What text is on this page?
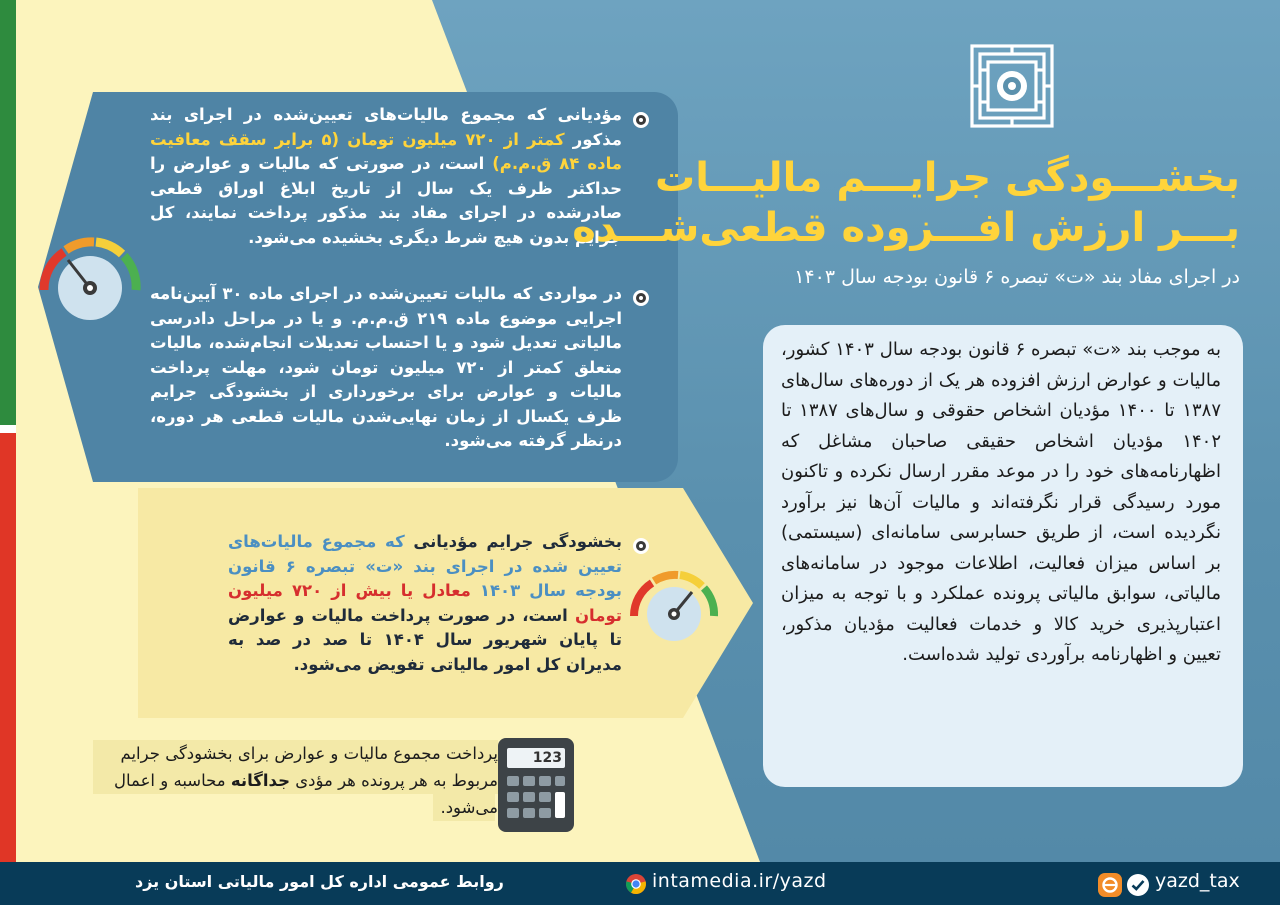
مؤدیانی که مجموع مالیات‌های تعیین‌شده در اجرای بند مذکور کمتر از ۷۲۰ میلیون تومان (۵ برابر سقف معافیت ماده ۸۴ ق.م.م) است، در صورتی که مالیات و عوارض را حداکثر ظرف یک سال از تاریخ ابلاغ اوراق قطعی صادرشده در اجرای مفاد بند مذکور پرداخت نمایند، کل جرایم بدون هیچ شرط دیگری بخشیده می‌شود.
در مواردی که مالیات تعیین‌شده در اجرای ماده ۳۰ آیین‌نامه اجرایی موضوع ماده ۲۱۹ ق.م.م. و یا در مراحل دادرسی مالیاتی تعدیل شود و یا احتساب تعدیلات انجام‌شده، مالیات متعلق کمتر از ۷۲۰ میلیون تومان شود، مهلت پرداخت مالیات و عوارض برای برخورداری از بخشودگی جرایم ظرف یکسال از زمان نهایی‌شدن مالیات قطعی هر دوره، درنظر گرفته می‌شود.
بخشودگی جرایم مؤدیانی که مجموع مالیات‌های تعیین شده در اجرای بند «ت» تبصره ۶ قانون بودجه سال ۱۴۰۳ معادل یا بیش از ۷۲۰ میلیون تومان است، در صورت پرداخت مالیات و عوارض تا پایان شهریور سال ۱۴۰۴ تا صد در صد به مدیران کل امور مالیاتی تفویض می‌شود.
پرداخت مجموع مالیات و عوارض برای بخشودگی جرایم
مربوط به هر پرونده هر مؤدی جداگانه محاسبه و اعمال
می‌شود.
123
بخشـــودگی جرایـــم مالیـــات
بـــر ارزش افـــزوده قطعی‌شـــده
در اجرای مفاد بند «ت» تبصره ۶ قانون بودجه سال ۱۴۰۳
به موجب بند «ت» تبصره ۶ قانون بودجه سال ۱۴۰۳ کشور، مالیات و عوارض ارزش افزوده هر یک از دوره‌های سال‌های ۱۳۸۷ تا ۱۴۰۰ مؤدیان اشخاص حقوقی و سال‌های ۱۳۸۷ تا ۱۴۰۲ مؤدیان اشخاص حقیقی صاحبان مشاغل که اظهارنامه‌های خود را در موعد مقرر ارسال نکرده و تاکنون مورد رسیدگی قرار نگرفته‌اند و مالیات آن‌ها نیز برآورد نگردیده است، از طریق حسابرسی سامانه‌ای (سیستمی) بر اساس میزان فعالیت، اطلاعات موجود در سامانه‌های مالیاتی، سوابق مالیاتی پرونده عملکرد و با توجه به میزان اعتبارپذیری خرید کالا و خدمات فعالیت مؤدیان مذکور، تعیین و اظهارنامه برآوردی تولید شده‌است.
روابط عمومی اداره کل امور مالیاتی استان یزد	intamedia.ir/yazd	yazd_tax
